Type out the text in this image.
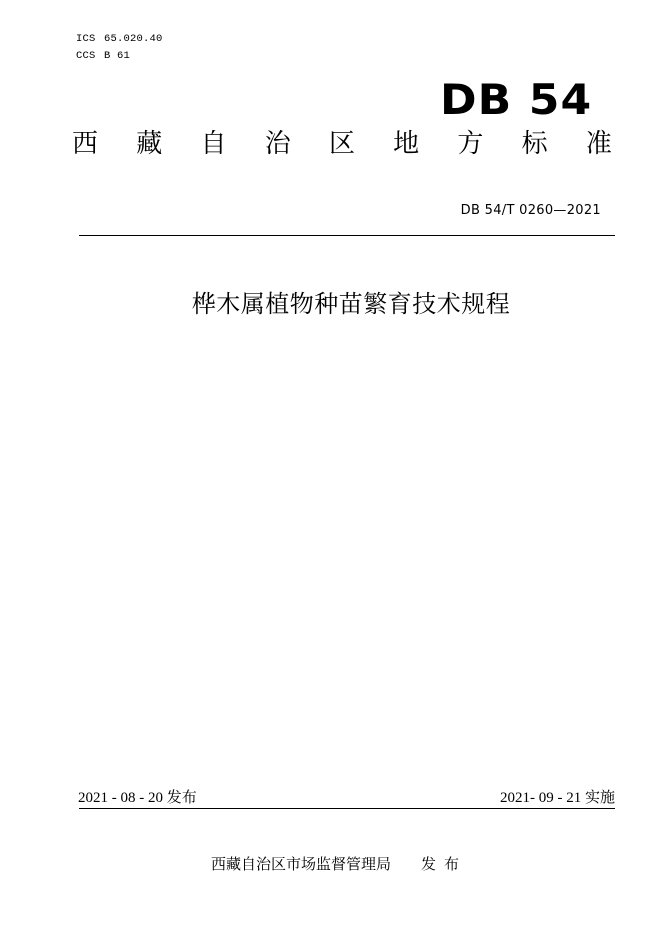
ICS 65.020.40
CCS B 61
DB 54
西 藏 自 治 区 地 方 标 准
DB 54/T 0260—2021
桦木属植物种苗繁育技术规程
2021 - 08 - 20 发布	2021- 09 - 21 实施
西藏自治区市场监督管理局 发布
